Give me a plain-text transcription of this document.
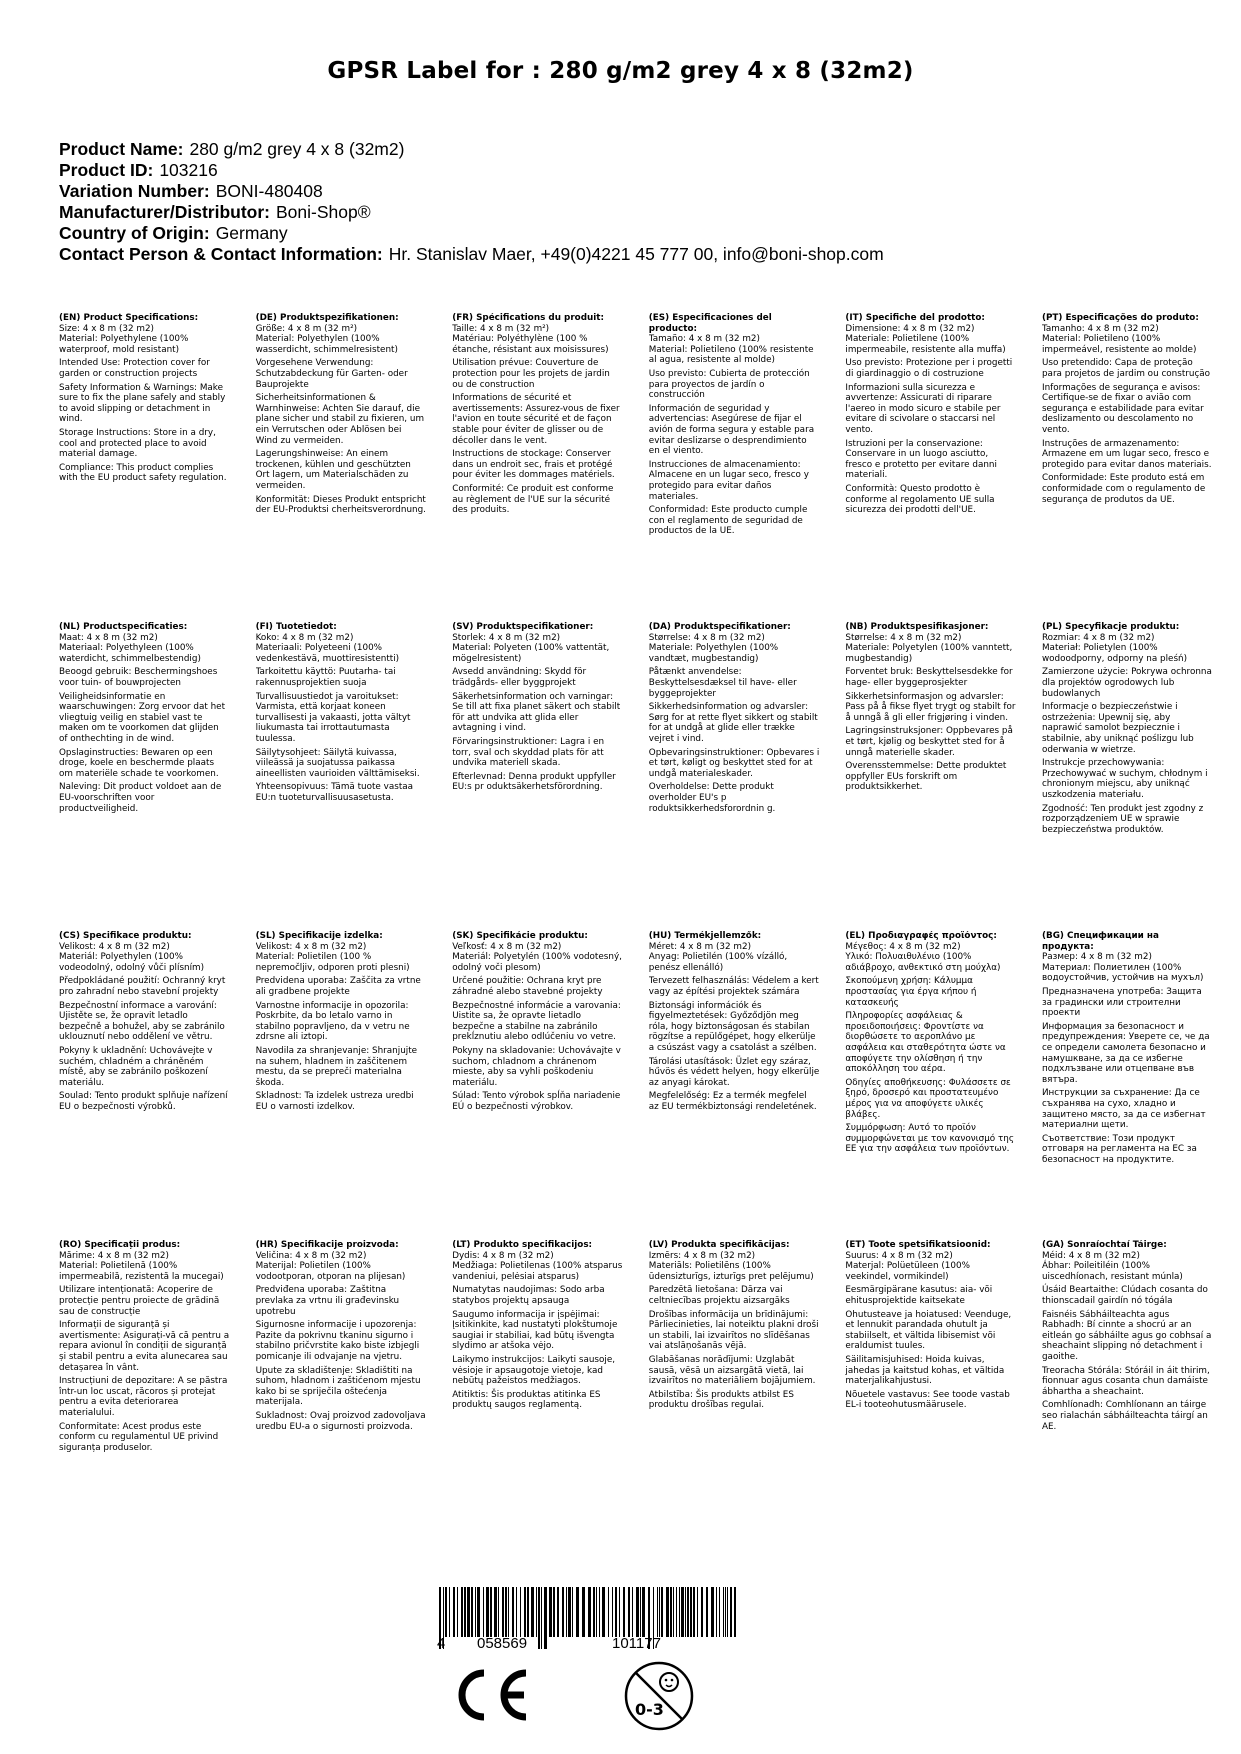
GPSR Label for : 280 g/m2 grey 4 x 8 (32m2)
Product Name: 280 g/m2 grey 4 x 8 (32m2)
Product ID: 103216
Variation Number: BONI-480408
Manufacturer/Distributor: Boni-Shop®
Country of Origin: Germany
Contact Person & Contact Information: Hr. Stanislav Maer, +49(0)4221 45 777 00, info@boni-shop.com
(EN) Product Specifications:

Size: 4 x 8 m (32 m2)

Material: Polyethylene (100% waterproof, mold resistant)

Intended Use: Protection cover for garden or construction projects

Safety Information & Warnings: Make sure to fix the plane safely and stably to avoid slipping or detachment in wind.

Storage Instructions: Store in a dry, cool and protected place to avoid material damage.

Compliance: This product complies with the EU product safety regulation.

(DE) Produktspezifikationen:

Größe: 4 x 8 m (32 m²)

Material: Polyethylen (100% wasserdicht, schimmelresistent)

Vorgesehene Verwendung: Schutzabdeckung für Garten- oder Bauprojekte

Sicherheitsinformationen & Warnhinweise: Achten Sie darauf, die plane sicher und stabil zu fixieren, um ein Verrutschen oder Ablösen bei Wind zu vermeiden.

Lagerungshinweise: An einem trockenen, kühlen und geschützten Ort lagern, um Materialschäden zu vermeiden.

Konformität: Dieses Produkt entspricht der EU-Produktsi cherheitsverordnung.

(FR) Spécifications du produit:

Taille: 4 x 8 m (32 m²)

Matériau: Polyéthylène (100 % étanche, résistant aux moisissures)

Utilisation prévue: Couverture de protection pour les projets de jardin ou de construction

Informations de sécurité et avertissements: Assurez-vous de fixer l'avion en toute sécurité et de façon stable pour éviter de glisser ou de décoller dans le vent.

Instructions de stockage: Conserver dans un endroit sec, frais et protégé pour éviter les dommages matériels.

Conformité: Ce produit est conforme au règlement de l'UE sur la sécurité des produits.

(ES) Especificaciones del producto:

Tamaño: 4 x 8 m (32 m2)

Material: Polietileno (100% resistente al agua, resistente al molde)

Uso previsto: Cubierta de protección para proyectos de jardín o construcción

Información de seguridad y advertencias: Asegúrese de fijar el avión de forma segura y estable para evitar deslizarse o desprendimiento en el viento.

Instrucciones de almacenamiento: Almacene en un lugar seco, fresco y protegido para evitar daños materiales.

Conformidad: Este producto cumple con el reglamento de seguridad de productos de la UE.

(IT) Specifiche del prodotto:

Dimensione: 4 x 8 m (32 m2)

Materiale: Polietilene (100% impermeabile, resistente alla muffa)

Uso previsto: Protezione per i progetti di giardinaggio o di costruzione

Informazioni sulla sicurezza e avvertenze: Assicurati di riparare l'aereo in modo sicuro e stabile per evitare di scivolare o staccarsi nel vento.

Istruzioni per la conservazione: Conservare in un luogo asciutto, fresco e protetto per evitare danni materiali.

Conformità: Questo prodotto è conforme al regolamento UE sulla sicurezza dei prodotti dell'UE.

(PT) Especificações do produto:

Tamanho: 4 x 8 m (32 m2)

Material: Polietileno (100% impermeável, resistente ao molde)

Uso pretendido: Capa de proteção para projetos de jardim ou construção

Informações de segurança e avisos: Certifique-se de fixar o avião com segurança e estabilidade para evitar deslizamento ou descolamento no vento.

Instruções de armazenamento: Armazene em um lugar seco, fresco e protegido para evitar danos materiais.

Conformidade: Este produto está em conformidade com o regulamento de segurança de produtos da UE.

(NL) Productspecificaties:

Maat: 4 x 8 m (32 m2)

Materiaal: Polyethyleen (100% waterdicht, schimmelbestendig)

Beoogd gebruik: Beschermingshoes voor tuin- of bouwprojecten

Veiligheidsinformatie en waarschuwingen: Zorg ervoor dat het vliegtuig veilig en stabiel vast te maken om te voorkomen dat glijden of onthechting in de wind.

Opslaginstructies: Bewaren op een droge, koele en beschermde plaats om materiële schade te voorkomen.

Naleving: Dit product voldoet aan de EU-voorschriften voor productveiligheid.

(FI) Tuotetiedot:

Koko: 4 x 8 m (32 m2)

Materiaali: Polyeteeni (100% vedenkestävä, muottiresistentti)

Tarkoitettu käyttö: Puutarha- tai rakennusprojektien suoja

Turvallisuustiedot ja varoitukset: Varmista, että korjaat koneen turvallisesti ja vakaasti, jotta vältyt liukumasta tai irrottautumasta tuulessa.

Säilytysohjeet: Säilytä kuivassa, viileässä ja suojatussa paikassa aineellisten vaurioiden välttämiseksi.

Yhteensopivuus: Tämä tuote vastaa EU:n tuoteturvallisuusasetusta.

(SV) Produktspecifikationer:

Storlek: 4 x 8 m (32 m2)

Material: Polyeten (100% vattentät, mögelresistent)

Avsedd användning: Skydd för trädgårds- eller byggprojekt

Säkerhetsinformation och varningar: Se till att fixa planet säkert och stabilt för att undvika att glida eller avtagning i vind.

Förvaringsinstruktioner: Lagra i en torr, sval och skyddad plats för att undvika materiell skada.

Efterlevnad: Denna produkt uppfyller EU:s pr oduktsäkerhetsförordning.

(DA) Produktspecifikationer:

Størrelse: 4 x 8 m (32 m2)

Materiale: Polyethylen (100% vandtæt, mugbestandig)

Påtænkt anvendelse: Beskyttelsesdæksel til have- eller byggeprojekter

Sikkerhedsinformation og advarsler: Sørg for at rette flyet sikkert og stabilt for at undgå at glide eller trække vejret i vind.

Opbevaringsinstruktioner: Opbevares i et tørt, køligt og beskyttet sted for at undgå materialeskader.

Overholdelse: Dette produkt overholder EU's p roduktsikkerhedsforordnin g.

(NB) Produktspesifikasjoner:

Størrelse: 4 x 8 m (32 m2)

Materiale: Polyetylen (100% vanntett, mugbestandig)

Forventet bruk: Beskyttelsesdekke for hage- eller byggeprosjekter

Sikkerhetsinformasjon og advarsler: Pass på å fikse flyet trygt og stabilt for å unngå å gli eller frigjøring i vinden.

Lagringsinstruksjoner: Oppbevares på et tørt, kjølig og beskyttet sted for å unngå materielle skader.

Overensstemmelse: Dette produktet oppfyller EUs forskrift om produktsikkerhet.

(PL) Specyfikacje produktu:

Rozmiar: 4 x 8 m (32 m2)

Materiał: Polietylen (100% wodoodporny, odporny na pleśń)

Zamierzone użycie: Pokrywa ochronna dla projektów ogrodowych lub budowlanych

Informacje o bezpieczeństwie i ostrzeżenia: Upewnij się, aby naprawić samolot bezpiecznie i stabilnie, aby uniknąć poślizgu lub oderwania w wietrze.

Instrukcje przechowywania: Przechowywać w suchym, chłodnym i chronionym miejscu, aby uniknąć uszkodzenia materiału.

Zgodność: Ten produkt jest zgodny z rozporządzeniem UE w sprawie bezpieczeństwa produktów.

(CS) Specifikace produktu:

Velikost: 4 x 8 m (32 m2)

Materiál: Polyethylen (100% vodeodolný, odolný vůči plísním)

Předpokládané použití: Ochranný kryt pro zahradní nebo stavební projekty

Bezpečnostní informace a varování: Ujistěte se, že opravit letadlo bezpečně a bohužel, aby se zabránilo uklouznutí nebo oddělení ve větru.

Pokyny k ukladnění: Uchovávejte v suchém, chladném a chráněném místě, aby se zabránilo poškození materiálu.

Soulad: Tento produkt splňuje nařízení EU o bezpečnosti výrobků.

(SL) Specifikacije izdelka:

Velikost: 4 x 8 m (32 m2)

Material: Polietilen (100 % nepremočljiv, odporen proti plesni)

Predvidena uporaba: Zaščita za vrtne ali gradbene projekte

Varnostne informacije in opozorila: Poskrbite, da bo letalo varno in stabilno popravljeno, da v vetru ne zdrsne ali iztopi.

Navodila za shranjevanje: Shranjujte na suhem, hladnem in zaščitenem mestu, da se prepreči materialna škoda.

Skladnost: Ta izdelek ustreza uredbi EU o varnosti izdelkov.

(SK) Špecifikácie produktu:

Veľkosť: 4 x 8 m (32 m2)

Materiál: Polyetylén (100% vodotesný, odolný voči plesom)

Určené použitie: Ochrana kryt pre záhradné alebo stavebné projekty

Bezpečnostné informácie a varovania: Uistite sa, že opravte lietadlo bezpečne a stabilne na zabránilo prekĺznutiu alebo odlúčeniu vo vetre.

Pokyny na skladovanie: Uchovávajte v suchom, chladnom a chránenom mieste, aby sa vyhli poškodeniu materiálu.

Súlad: Tento výrobok spĺňa nariadenie EÚ o bezpečnosti výrobkov.

(HU) Termékjellemzők:

Méret: 4 x 8 m (32 m2)

Anyag: Polietilén (100% vízálló, penész ellenálló)

Tervezett felhasználás: Védelem a kert vagy az építési projektek számára

Biztonsági információk és figyelmeztetések: Győződjön meg róla, hogy biztonságosan és stabilan rögzítse a repülőgépet, hogy elkerülje a csúszást vagy a csatolást a szélben.

Tárolási utasítások: Üzlet egy száraz, hűvös és védett helyen, hogy elkerülje az anyagi károkat.

Megfelelőség: Ez a termék megfelel az EU termékbiztonsági rendeletének.

(EL) Προδιαγραφές προϊόντος:

Μέγεθος: 4 x 8 m (32 m2)

Υλικό: Πολυαιθυλένιο (100% αδιάβροχο, ανθεκτικό στη μούχλα)

Σκοπούμενη χρήση: Κάλυμμα προστασίας για έργα κήπου ή κατασκευής

Πληροφορίες ασφάλειας & προειδοποιήσεις: Φροντίστε να διορθώσετε το αεροπλάνο με ασφάλεια και σταθερότητα ώστε να αποφύγετε την ολίσθηση ή την αποκόλληση του αέρα.

Οδηγίες αποθήκευσης: Φυλάσσετε σε ξηρό, δροσερό και προστατευμένο μέρος για να αποφύγετε υλικές βλάβες.

Συμμόρφωση: Αυτό το προϊόν συμμορφώνεται με τον κανονισμό της ΕΕ για την ασφάλεια των προϊόντων.

(BG) Спецификации на продукта:

Размер: 4 x 8 m (32 m2)

Материал: Полиетилен (100% водоустойчив, устойчив на мухъл)

Предназначена употреба: Защита за градински или строителни проекти

Информация за безопасност и предупреждения: Уверете се, че да се определи самолета безопасно и намушкване, за да се избегне подхлъзване или отцепване във вятъра.

Инструкции за съхранение: Да се съхранява на сухо, хладно и защитено място, за да се избегнат материални щети.

Съответствие: Този продукт отговаря на регламента на ЕС за безопасност на продуктите.

(RO) Specificații produs:

Mărime: 4 x 8 m (32 m2)

Material: Polietilenă (100% impermeabilă, rezistentă la mucegai)

Utilizare intenționată: Acoperire de protecție pentru proiecte de grădină sau de construcție

Informații de siguranță și avertismente: Asigurați-vă că pentru a repara avionul în condiții de siguranță și stabil pentru a evita alunecarea sau detașarea în vânt.

Instrucțiuni de depozitare: A se păstra într-un loc uscat, răcoros și protejat pentru a evita deteriorarea materialului.

Conformitate: Acest produs este conform cu regulamentul UE privind siguranța produselor.

(HR) Specifikacije proizvoda:

Veličina: 4 x 8 m (32 m2)

Materijal: Polietilen (100% vodootporan, otporan na plijesan)

Predviđena uporaba: Zaštitna prevlaka za vrtnu ili građevinsku upotrebu

Sigurnosne informacije i upozorenja: Pazite da pokrivnu tkaninu sigurno i stabilno pričvrstite kako biste izbjegli pomicanje ili odvajanje na vjetru.

Upute za skladištenje: Skladištiti na suhom, hladnom i zaštićenom mjestu kako bi se spriječila oštećenja materijala.

Sukladnost: Ovaj proizvod zadovoljava uredbu EU-a o sigurnosti proizvoda.

(LT) Produkto specifikacijos:

Dydis: 4 x 8 m (32 m2)

Medžiaga: Polietilenas (100% atsparus vandeniui, pelėsiai atsparus)

Numatytas naudojimas: Sodo arba statybos projektų apsauga

Saugumo informacija ir įspėjimai: Įsitikinkite, kad nustatyti plokštumoje saugiai ir stabiliai, kad būtų išvengta slydimo ar atšoka vėjo.

Laikymo instrukcijos: Laikyti sausoje, vėsioje ir apsaugotoje vietoje, kad nebūtų pažeistos medžiagos.

Atitiktis: Šis produktas atitinka ES produktų saugos reglamentą.

(LV) Produkta specifikācijas:

Izmērs: 4 x 8 m (32 m2)

Materiāls: Polietilēns (100% ūdensizturīgs, izturīgs pret pelējumu)

Paredzētā lietošana: Dārza vai celtniecības projektu aizsargāks

Drošības informācija un brīdinājumi: Pārliecinieties, lai noteiktu plakni droši un stabili, lai izvairītos no slīdēšanas vai atslāņošanās vējā.

Glabāšanas norādījumi: Uzglabāt sausā, vēsā un aizsargātā vietā, lai izvairītos no materiāliem bojājumiem.

Atbilstība: Šis produkts atbilst ES produktu drošības regulai.

(ET) Toote spetsifikatsioonid:

Suurus: 4 x 8 m (32 m2)

Materjal: Polüetüleen (100% veekindel, vormikindel)

Eesmärgipärane kasutus: aia- või ehitusprojektide kaitsekate

Ohutusteave ja hoiatused: Veenduge, et lennukit parandada ohutult ja stabiilselt, et vältida libisemist või eraldumist tuules.

Säilitamisjuhised: Hoida kuivas, jahedas ja kaitstud kohas, et vältida materjalikahjustusi.

Nõuetele vastavus: See toode vastab EL-i tooteohutusmäärusele.

(GA) Sonraíochtaí Táirge:

Méid: 4 x 8 m (32 m2)

Ábhar: Poileitiléin (100% uiscedhíonach, resistant múnla)

Úsáid Beartaithe: Clúdach cosanta do thionscadail gairdín nó tógála

Faisnéis Sábháilteachta agus Rabhadh: Bí cinnte a shocrú ar an eitleán go sábháilte agus go cobhsaí a sheachaint slipping nó detachment i gaoithe.

Treoracha Stórála: Stóráil in áit thirim, fionnuar agus cosanta chun damáiste ábhartha a sheachaint.

Comhlíonadh: Comhlíonann an táirge seo rialachán sábháilteachta táirgí an AE.

4 058569	101177
0-3
